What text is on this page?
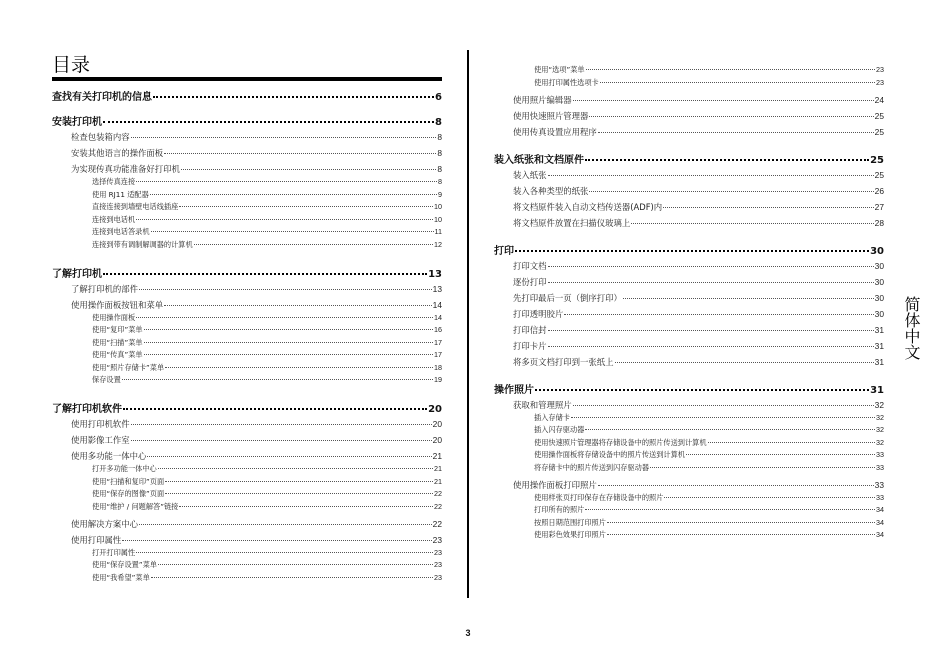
目录
查找有关打印机的信息	6
安装打印机	8
检查包装箱内容	8
安装其他语言的操作面板	8
为实现传真功能准备好打印机	8
选择传真连接	8
使用 RJ11 适配器	9
直接连接到墙壁电话线插座	10
连接到电话机	10
连接到电话答录机	11
连接到带有调制解调器的计算机	12
了解打印机	13
了解打印机的部件	13
使用操作面板按钮和菜单	14
使用操作面板	14
使用“复印”菜单	16
使用“扫描”菜单	17
使用“传真”菜单	17
使用“照片存储卡”菜单	18
保存设置	19
了解打印机软件	20
使用打印机软件	20
使用影像工作室	20
使用多功能一体中心	21
打开多功能一体中心	21
使用“扫描和复印”页面	21
使用“保存的图像”页面	22
使用“维护 / 问题解答”链接	22
使用解决方案中心	22
使用打印属性	23
打开打印属性	23
使用“保存设置”菜单	23
使用“我希望”菜单	23
使用“选项”菜单	23
使用打印属性选项卡	23
使用照片编辑器	24
使用快速照片管理器	25
使用传真设置应用程序	25
装入纸张和文档原件	25
装入纸张	25
装入各种类型的纸张	26
将文档原件装入自动文档传送器(ADF)内	27
将文档原件放置在扫描仪玻璃上	28
打印	30
打印文档	30
逐份打印	30
先打印最后一页（倒序打印）	30
打印透明胶片	30
打印信封	31
打印卡片	31
将多页文档打印到一张纸上	31
操作照片	31
获取和管理照片	32
插入存储卡	32
插入闪存驱动器	32
使用快速照片管理器将存储设备中的照片传送到计算机	32
使用操作面板将存储设备中的照片传送到计算机	33
将存储卡中的照片传送到闪存驱动器	33
使用操作面板打印照片	33
使用样张页打印保存在存储设备中的照片	33
打印所有的照片	34
按照日期范围打印照片	34
使用彩色效果打印照片	34
简体中文
3
